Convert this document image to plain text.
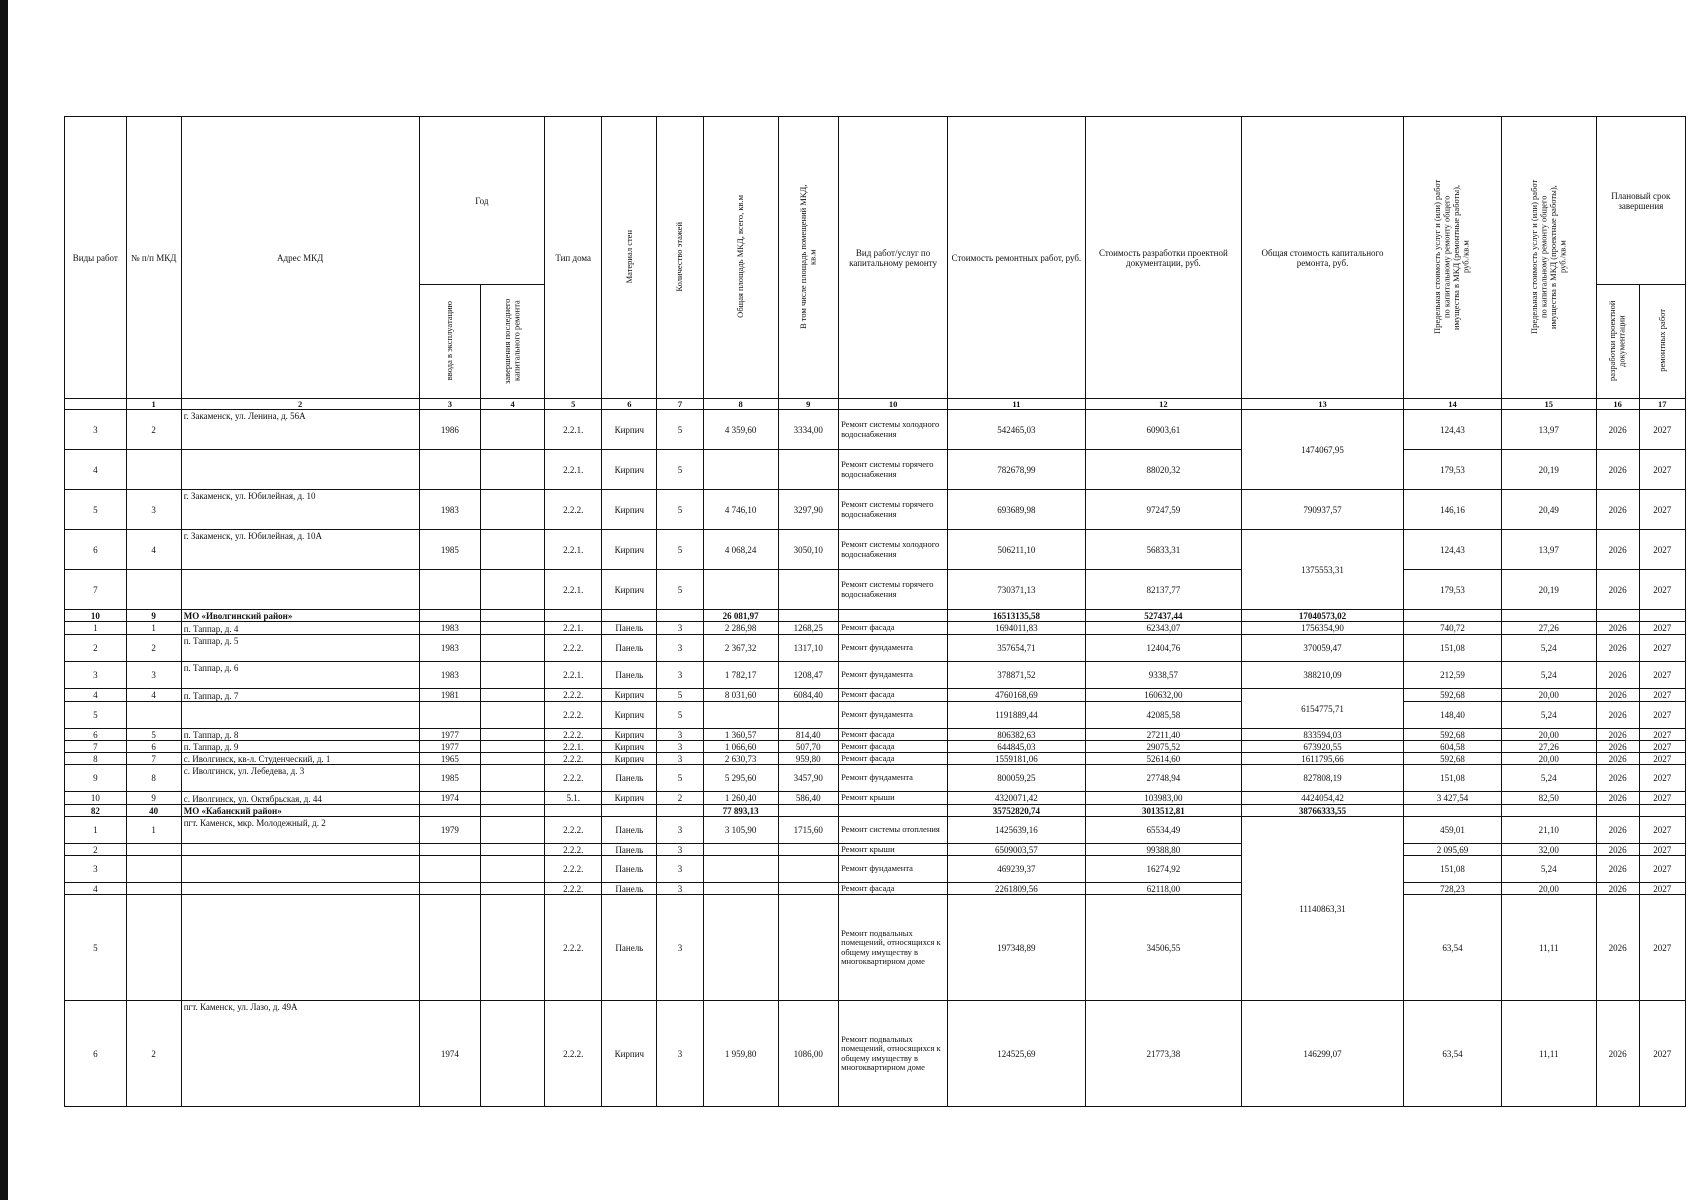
Виды работ	№ п/п МКД	Адрес МКД	Год		Тип дома	Материал стен	Количество этажей	Общая площадь МКД, всего, кв.м	В том числе площадь помещений МКД, кв.м	Вид работ/услуг по капитальному ремонту	Стоимость ремонтных работ, руб.	Стоимость разработки проектной документации, руб.	Общая стоимость капитального ремонта, руб.	Предельная стоимость услуг и (или) работ по капитальному ремонту общего имущества в МКД (ремонтные работы), руб./кв.м	Предельная стоимость услуг и (или) работ по капитальному ремонту общего имущества в МКД (проектные работы), руб./кв.м	Плановый срок завершения	
			ввода в эксплуатацию	завершения последнего капитального ремонта												разработки проектной документации	ремонтных работ
	1	2	3	4	5	6	7	8	9	10	11	12	13	14	15	16	17
3	2	г. Закаменск, ул. Ленина, д. 56А	1986		2.2.1.	Кирпич	5	4 359,60	3334,00	Ремонт системы холодного водоснабжения	542465,03	60903,61	1474067,95	124,43	13,97	2026	2027
4					2.2.1.	Кирпич	5			Ремонт системы горячего водоснабжения	782678,99	88020,32		179,53	20,19	2026	2027
5	3	г. Закаменск, ул. Юбилейная, д. 10	1983		2.2.2.	Кирпич	5	4 746,10	3297,90	Ремонт системы горячего водоснабжения	693689,98	97247,59	790937,57	146,16	20,49	2026	2027
6	4	г. Закаменск, ул. Юбилейная, д. 10А	1985		2.2.1.	Кирпич	5	4 068,24	3050,10	Ремонт системы холодного водоснабжения	506211,10	56833,31	1375553,31	124,43	13,97	2026	2027
7					2.2.1.	Кирпич	5			Ремонт системы горячего водоснабжения	730371,13	82137,77		179,53	20,19	2026	2027
10	9	МО «Иволгинский район»						26 081,97			16513135,58	527437,44	17040573,02				
1	1	п. Таппар, д. 4	1983		2.2.1.	Панель	3	2 286,98	1268,25	Ремонт фасада	1694011,83	62343,07	1756354,90	740,72	27,26	2026	2027
2	2	п. Таппар, д. 5	1983		2.2.2.	Панель	3	2 367,32	1317,10	Ремонт фундамента	357654,71	12404,76	370059,47	151,08	5,24	2026	2027
3	3	п. Таппар, д. 6	1983		2.2.1.	Панель	3	1 782,17	1208,47	Ремонт фундамента	378871,52	9338,57	388210,09	212,59	5,24	2026	2027
4	4	п. Таппар, д. 7	1981		2.2.2.	Кирпич	5	8 031,60	6084,40	Ремонт фасада	4760168,69	160632,00	6154775,71	592,68	20,00	2026	2027
5					2.2.2.	Кирпич	5			Ремонт фундамента	1191889,44	42085,58		148,40	5,24	2026	2027
6	5	п. Таппар, д. 8	1977		2.2.2.	Кирпич	3	1 360,57	814,40	Ремонт фасада	806382,63	27211,40	833594,03	592,68	20,00	2026	2027
7	6	п. Таппар, д. 9	1977		2.2.1.	Кирпич	3	1 066,60	507,70	Ремонт фасада	644845,03	29075,52	673920,55	604,58	27,26	2026	2027
8	7	с. Иволгинск, кв-л. Студенческий, д. 1	1965		2.2.2.	Кирпич	3	2 630,73	959,80	Ремонт фасада	1559181,06	52614,60	1611795,66	592,68	20,00	2026	2027
9	8	с. Иволгинск, ул. Лебедева, д. 3	1985		2.2.2.	Панель	5	5 295,60	3457,90	Ремонт фундамента	800059,25	27748,94	827808,19	151,08	5,24	2026	2027
10	9	с. Иволгинск, ул. Октябрьская, д. 44	1974		5.1.	Кирпич	2	1 260,40	586,40	Ремонт крыши	4320071,42	103983,00	4424054,42	3 427,54	82,50	2026	2027
82	40	МО «Кабанский район»						77 893,13			35752820,74	3013512,81	38766333,55				
1	1	пгт. Каменск, мкр. Молодежный, д. 2	1979		2.2.2.	Панель	3	3 105,90	1715,60	Ремонт системы отопления	1425639,16	65534,49	11140863,31	459,01	21,10	2026	2027
2					2.2.2.	Панель	3			Ремонт крыши	6509003,57	99388,80		2 095,69	32,00	2026	2027
3					2.2.2.	Панель	3			Ремонт фундамента	469239,37	16274,92		151,08	5,24	2026	2027
4					2.2.2.	Панель	3			Ремонт фасада	2261809,56	62118,00		728,23	20,00	2026	2027
5					2.2.2.	Панель	3			Ремонт подвальных помещений, относящихся к общему имуществу в многоквартирном доме	197348,89	34506,55		63,54	11,11	2026	2027
6	2	пгт. Каменск, ул. Лазо, д. 49А	1974		2.2.2.	Кирпич	3	1 959,80	1086,00	Ремонт подвальных помещений, относящихся к общему имуществу в многоквартирном доме	124525,69	21773,38	146299,07	63,54	11,11	2026	2027
